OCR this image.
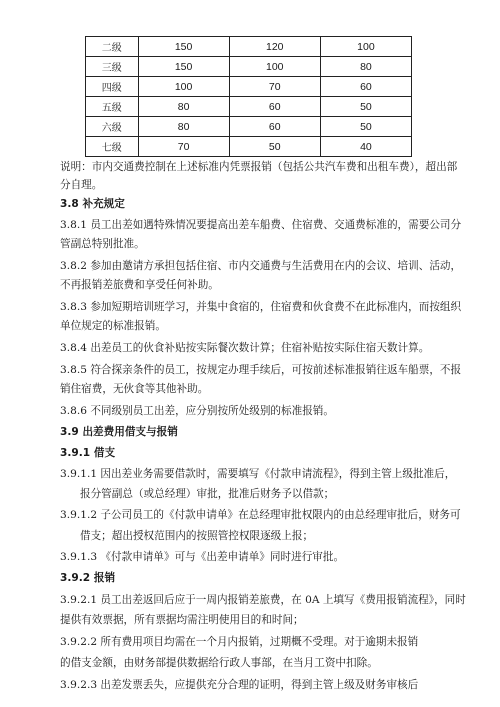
二级	150	120	100
三级	150	100	80
四级	100	70	60
五级	80	60	50
六级	80	60	50
七级	70	50	40
说明：市内交通费控制在上述标准内凭票报销（包括公共汽车费和出租车费），超出部
分自理。
3.8 补充规定
3.8.1 员工出差如遇特殊情况要提高出差车船费、住宿费、交通费标准的，需要公司分
管副总特别批准。
3.8.2 参加由邀请方承担包括住宿、市内交通费与生活费用在内的会议、培训、活动，
不再报销差旅费和享受任何补助。
3.8.3 参加短期培训班学习，并集中食宿的，住宿费和伙食费不在此标准内，而按组织
单位规定的标准报销。
3.8.4 出差员工的伙食补贴按实际餐次数计算；住宿补贴按实际住宿天数计算。
3.8.5 符合探亲条件的员工，按规定办理手续后，可按前述标准报销往返车船票，不报
销住宿费，无伙食等其他补助。
3.8.6 不同级别员工出差，应分别按所处级别的标准报销。
3.9 出差费用借支与报销
3.9.1 借支
3.9.1.1 因出差业务需要借款时，需要填写《付款申请流程》，得到主管上级批准后，
报分管副总（或总经理）审批，批准后财务予以借款；
3.9.1.2 子公司员工的《付款申请单》在总经理审批权限内的由总经理审批后，财务可
借支；超出授权范围内的按照管控权限逐级上报；
3.9.1.3 《付款申请单》可与《出差申请单》同时进行审批。
3.9.2 报销
3.9.2.1 员工出差返回后应于一周内报销差旅费，在 0A 上填写《费用报销流程》，同时
提供有效票据，所有票据均需注明使用目的和时间；
3.9.2.2 所有费用项目均需在一个月内报销，过期概不受理。对于逾期未报销
的借支金额，由财务部提供数据给行政人事部，在当月工资中扣除。
3.9.2.3 出差发票丢失，应提供充分合理的证明，得到主管上级及财务审核后
